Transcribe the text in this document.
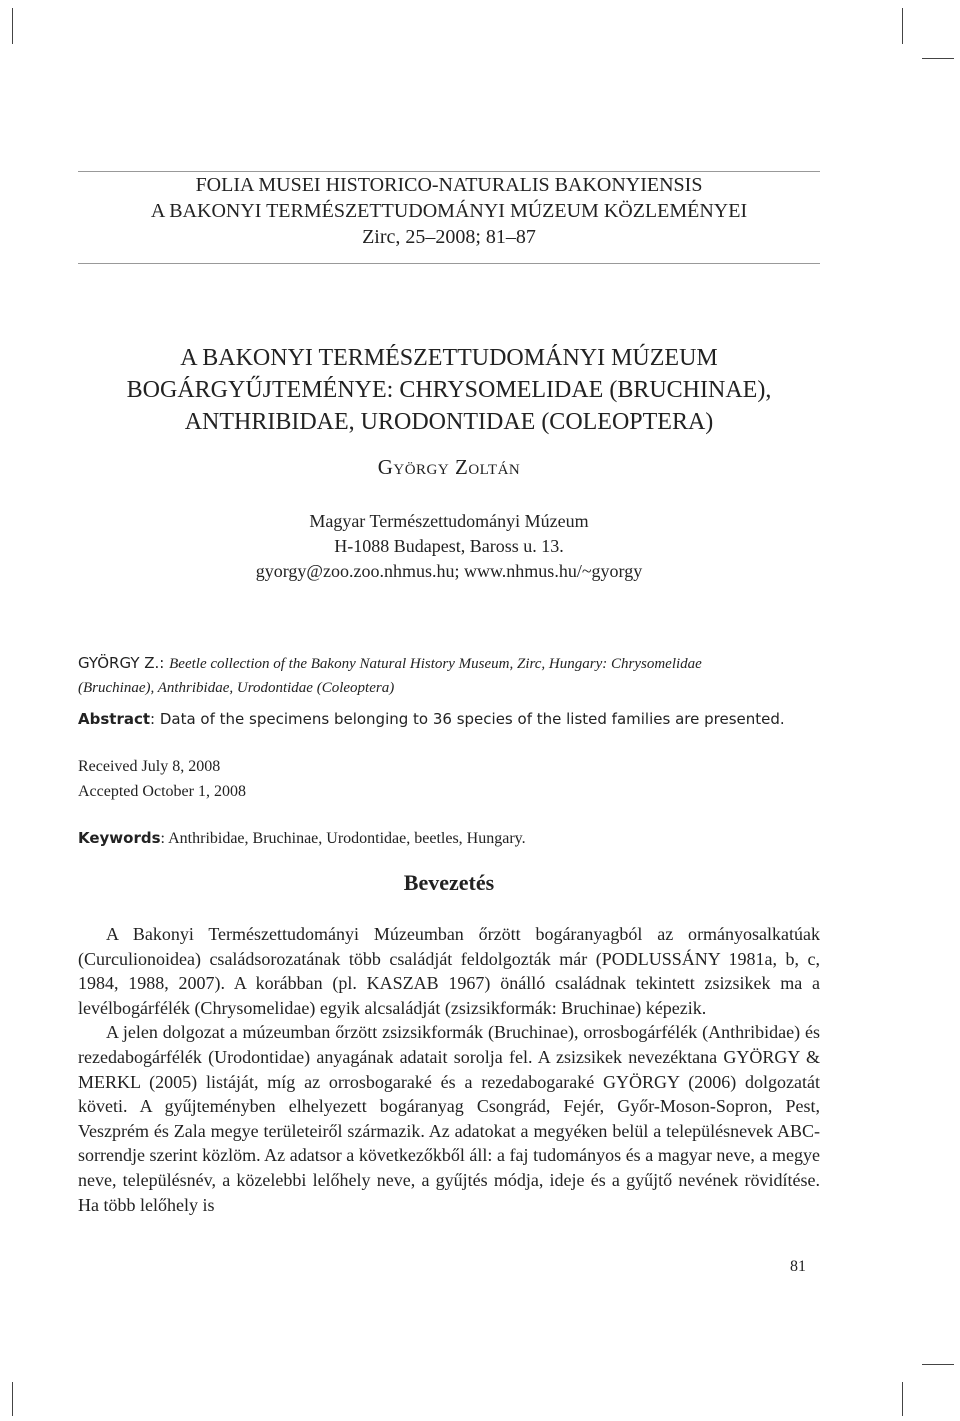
FOLIA MUSEI HISTORICO-NATURALIS BAKONYIENSIS
A BAKONYI TERMÉSZETTUDOMÁNYI MÚZEUM KÖZLEMÉNYEI
Zirc, 25–2008; 81–87
A BAKONYI TERMÉSZETTUDOMÁNYI MÚZEUM
BOGÁRGYŰJTEMÉNYE: CHRYSOMELIDAE (BRUCHINAE),
ANTHRIBIDAE, URODONTIDAE (COLEOPTERA)
GYÖRGY ZOLTÁN
Magyar Természettudományi Múzeum
H-1088 Budapest, Baross u. 13.
gyorgy@zoo.zoo.nhmus.hu; www.nhmus.hu/~gyorgy
GYÖRGY Z.: Beetle collection of the Bakony Natural History Museum, Zirc, Hungary: Chrysomelidae
(Bruchinae), Anthribidae, Urodontidae (Coleoptera)
Abstract: Data of the specimens belonging to 36 species of the listed families are presented.
Received July 8, 2008
Accepted October 1, 2008
Keywords: Anthribidae, Bruchinae, Urodontidae, beetles, Hungary.
Bevezetés

A Bakonyi Természettudományi Múzeumban őrzött bogáranyagból az ormányosalkatúak (Curculionoidea) családsorozatának több családját feldolgozták már (PODLUSSÁNY 1981a, b, c, 1984, 1988, 2007). A korábban (pl. KASZAB 1967) önálló családnak tekintett zsizsikek ma a levélbogárfélék (Chrysomelidae) egyik alcsaládját (zsizsikformák: Bruchinae) képezik.

A jelen dolgozat a múzeumban őrzött zsizsikformák (Bruchinae), orrosbogárfélék (Anthribidae) és rezedabogárfélék (Urodontidae) anyagának adatait sorolja fel. A zsizsikek nevezéktana GYÖRGY & MERKL (2005) listáját, míg az orrosbogaraké és a rezedabogaraké GYÖRGY (2006) dolgozatát követi. A gyűjteményben elhelyezett bogáranyag Csongrád, Fejér, Győr-Moson-Sopron, Pest, Veszprém és Zala megye területeiről származik. Az adatokat a megyéken belül a településnevek ABC-sorrendje szerint közlöm. Az adatsor a következőkből áll: a faj tudományos és a magyar neve, a megye neve, településnév, a közelebbi lelőhely neve, a gyűjtés módja, ideje és a gyűjtő nevének rövidítése. Ha több lelőhely is

81
